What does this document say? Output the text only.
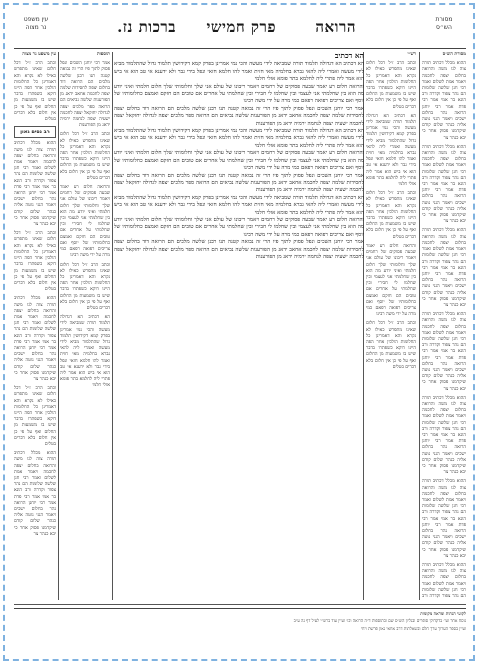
מסורת
הש״ס
הרואה
פרק חמישי
ברכות נז.
עין משפט
נר מצוה

מסורת הש״ס

ההוא מכלל דכתיב תורה צוה לנו משה והרואה בחלום יצפה לחכמה ויאמר אמת לשלום ואמר רבי חנן שלשה שלומות הם נהר צפור וקדרה ורב הונא בר אמי אמר רבי פדת אמר רבי יוחנן הרואה נהר בחלום ישכים ויאמר הנני נוטה אליה כנהר שלום קודם שיקדמנו פסוק אחר כי יבא כנהר צר

ההוא מכלל דכתיב תורה צוה לנו משה והרואה בחלום יצפה לחכמה ויאמר אמת לשלום ואמר רבי חנן שלשה שלומות הם נהר צפור וקדרה ורב הונא בר אמי אמר רבי פדת אמר רבי יוחנן הרואה נהר בחלום ישכים ויאמר הנני נוטה אליה כנהר שלום קודם שיקדמנו פסוק אחר כי יבא כנהר צר

ההוא מכלל דכתיב תורה צוה לנו משה והרואה בחלום יצפה לחכמה ויאמר אמת לשלום ואמר רבי חנן שלשה שלומות הם נהר צפור וקדרה ורב הונא בר אמי אמר רבי פדת אמר רבי יוחנן הרואה נהר בחלום ישכים ויאמר הנני נוטה אליה כנהר שלום קודם שיקדמנו פסוק אחר כי יבא כנהר צר

ההוא מכלל דכתיב תורה צוה לנו משה והרואה בחלום יצפה לחכמה ויאמר אמת לשלום ואמר רבי חנן שלשה שלומות הם נהר צפור וקדרה ורב הונא בר אמי אמר רבי פדת אמר רבי יוחנן הרואה נהר בחלום ישכים ויאמר הנני נוטה אליה כנהר שלום קודם שיקדמנו פסוק אחר כי יבא כנהר צר

ההוא מכלל דכתיב תורה צוה לנו משה והרואה בחלום יצפה לחכמה ויאמר אמת לשלום ואמר רבי חנן שלשה שלומות הם נהר צפור וקדרה ורב הונא בר אמי אמר רבי פדת אמר רבי יוחנן הרואה נהר בחלום ישכים ויאמר הנני נוטה אליה כנהר שלום קודם שיקדמנו פסוק אחר כי יבא כנהר צר

ההוא מכלל דכתיב תורה צוה לנו משה והרואה בחלום יצפה לחכמה ויאמר אמת לשלום ואמר רבי חנן שלשה שלומות הם נהר צפור וקדרה ורב הונא בר אמי אמר רבי פדת אמר רבי יוחנן הרואה נהר בחלום ישכים ויאמר הנני נוטה אליה כנהר שלום קודם שיקדמנו פסוק אחר כי יבא כנהר צר

ההוא מכלל דכתיב תורה צוה לנו משה והרואה בחלום יצפה לחכמה ויאמר אמת לשלום ואמר רבי חנן שלשה שלומות הם נהר צפור וקדרה ורב

רש״י

וכתב הרב ז״ל דכל חלום שאינו מתפרש כאילו לא נקרא והא דאמרינן כל החלומות הולכין אחר הפה היינו דוקא כשפתרו בדבר שיש בו משמעות מן החלום ואף על פי כן אין חלום בלא דברים בטלים

הא דכתיב הא דגדולה תלמוד תורה שמביאה לידי מעשה והכי נמי אמרינן בפרק קמא דקידושין תלמוד גדול שהתלמוד מביא לידי מעשה ואמרי ליה להאי גברא בחלמיה מאי חזית ואמר להו חלמא חזאי ונפל בידי גבר ולא ידענא אי טב הוא אי ביש הוא אמר ליה פתרי ליה לחלמא בתר פומא אזלי חלמי

וכתב הרב ז״ל דכל חלום שאינו מתפרש כאילו לא נקרא והא דאמרינן כל החלומות הולכין אחר הפה היינו דוקא כשפתרו בדבר שיש בו משמעות מן החלום ואף על פי כן אין חלום בלא דברים בטלים

והרואה חלום רע יאמר שבעה פסוקים של רחמים ויאמר ריבונו של עולם אני שלך וחלומותי שלך חלום חלמתי ואיני יודע מה הוא בין שחלמתי אני לעצמי ובין שחלמו לי חבירי ובין שחלמתי על אחרים אם טובים הם חזקם ואמצם כחלומותיו של יוסף ואם צריכים רפואה רפאם כמי מרה על ידי משה רבינו

וכתב הרב ז״ל דכל חלום שאינו מתפרש כאילו לא נקרא והא דאמרינן כל החלומות הולכין אחר הפה היינו דוקא כשפתרו בדבר שיש בו משמעות מן החלום ואף על פי כן אין חלום בלא דברים בטלים

הא דכתיב

הא דכתיב הא דגדולה תלמוד תורה שמביאה לידי מעשה והכי נמי אמרינן בפרק קמא דקידושין תלמוד גדול שהתלמוד מביא לידי מעשה ואמרי ליה להאי גברא בחלמיה מאי חזית ואמר להו חלמא חזאי ונפל בידי גבר ולא ידענא אי טב הוא אי ביש הוא אמר ליה פתרי ליה לחלמא בתר פומא אזלי חלמי

והרואה חלום רע יאמר שבעה פסוקים של רחמים ויאמר ריבונו של עולם אני שלך וחלומותי שלך חלום חלמתי ואיני יודע מה הוא בין שחלמתי אני לעצמי ובין שחלמו לי חבירי ובין שחלמתי על אחרים אם טובים הם חזקם ואמצם כחלומותיו של יוסף ואם צריכים רפואה רפאם כמי מרה על ידי משה רבינו

אמר רבי יוחנן השכים ונפל פסוק לתוך פיו הרי זה נבואה קטנה תנו רבנן שלשה מלכים הם הרואה דוד בחלום יצפה לחסידות שלמה יצפה לחכמה אחאב ידאג מן הפורענות שלשה נביאים הם הרואה ספר מלכים יצפה לגדולה יחזקאל יצפה לחכמה ישעיה יצפה לנחמה ירמיה ידאג מן הפורענות

הא דכתיב הא דגדולה תלמוד תורה שמביאה לידי מעשה והכי נמי אמרינן בפרק קמא דקידושין תלמוד גדול שהתלמוד מביא לידי מעשה ואמרי ליה להאי גברא בחלמיה מאי חזית ואמר להו חלמא חזאי ונפל בידי גבר ולא ידענא אי טב הוא אי ביש הוא אמר ליה פתרי ליה לחלמא בתר פומא אזלי חלמי

והרואה חלום רע יאמר שבעה פסוקים של רחמים ויאמר ריבונו של עולם אני שלך וחלומותי שלך חלום חלמתי ואיני יודע מה הוא בין שחלמתי אני לעצמי ובין שחלמו לי חבירי ובין שחלמתי על אחרים אם טובים הם חזקם ואמצם כחלומותיו של יוסף ואם צריכים רפואה רפאם כמי מרה על ידי משה רבינו

אמר רבי יוחנן השכים ונפל פסוק לתוך פיו הרי זה נבואה קטנה תנו רבנן שלשה מלכים הם הרואה דוד בחלום יצפה לחסידות שלמה יצפה לחכמה אחאב ידאג מן הפורענות שלשה נביאים הם הרואה ספר מלכים יצפה לגדולה יחזקאל יצפה לחכמה ישעיה יצפה לנחמה ירמיה ידאג מן הפורענות

הא דכתיב הא דגדולה תלמוד תורה שמביאה לידי מעשה והכי נמי אמרינן בפרק קמא דקידושין תלמוד גדול שהתלמוד מביא לידי מעשה ואמרי ליה להאי גברא בחלמיה מאי חזית ואמר להו חלמא חזאי ונפל בידי גבר ולא ידענא אי טב הוא אי ביש הוא אמר ליה פתרי ליה לחלמא בתר פומא אזלי חלמי

והרואה חלום רע יאמר שבעה פסוקים של רחמים ויאמר ריבונו של עולם אני שלך וחלומותי שלך חלום חלמתי ואיני יודע מה הוא בין שחלמתי אני לעצמי ובין שחלמו לי חבירי ובין שחלמתי על אחרים אם טובים הם חזקם ואמצם כחלומותיו של יוסף ואם צריכים רפואה רפאם כמי מרה על ידי משה רבינו

אמר רבי יוחנן השכים ונפל פסוק לתוך פיו הרי זה נבואה קטנה תנו רבנן שלשה מלכים הם הרואה דוד בחלום יצפה לחסידות שלמה יצפה לחכמה אחאב ידאג מן הפורענות שלשה נביאים הם הרואה ספר מלכים יצפה לגדולה יחזקאל יצפה לחכמה ישעיה יצפה לנחמה ירמיה ידאג מן הפורענות

תוספות

אמר רבי יוחנן השכים ונפל פסוק לתוך פיו הרי זה נבואה קטנה תנו רבנן שלשה מלכים הם הרואה דוד בחלום יצפה לחסידות שלמה יצפה לחכמה אחאב ידאג מן הפורענות שלשה נביאים הם הרואה ספר מלכים יצפה לגדולה יחזקאל יצפה לחכמה ישעיה יצפה לנחמה ירמיה ידאג מן הפורענות

וכתב הרב ז״ל דכל חלום שאינו מתפרש כאילו לא נקרא והא דאמרינן כל החלומות הולכין אחר הפה היינו דוקא כשפתרו בדבר שיש בו משמעות מן החלום ואף על פי כן אין חלום בלא דברים בטלים

והרואה חלום רע יאמר שבעה פסוקים של רחמים ויאמר ריבונו של עולם אני שלך וחלומותי שלך חלום חלמתי ואיני יודע מה הוא בין שחלמתי אני לעצמי ובין שחלמו לי חבירי ובין שחלמתי על אחרים אם טובים הם חזקם ואמצם כחלומותיו של יוסף ואם צריכים רפואה רפאם כמי מרה על ידי משה רבינו

וכתב הרב ז״ל דכל חלום שאינו מתפרש כאילו לא נקרא והא דאמרינן כל החלומות הולכין אחר הפה היינו דוקא כשפתרו בדבר שיש בו משמעות מן החלום ואף על פי כן אין חלום בלא דברים בטלים

הא דכתיב הא דגדולה תלמוד תורה שמביאה לידי מעשה והכי נמי אמרינן בפרק קמא דקידושין תלמוד גדול שהתלמוד מביא לידי מעשה ואמרי ליה להאי גברא בחלמיה מאי חזית ואמר להו חלמא חזאי ונפל בידי גבר ולא ידענא אי טב הוא אי ביש הוא אמר ליה פתרי ליה לחלמא בתר פומא אזלי חלמי

עין משפט נר מצוה

וכתב הרב ז״ל דכל חלום שאינו מתפרש כאילו לא נקרא והא דאמרינן כל החלומות הולכין אחר הפה היינו דוקא כשפתרו בדבר שיש בו משמעות מן החלום ואף על פי כן אין חלום בלא דברים בטלים

רב נסים גאון

ההוא מכלל דכתיב תורה צוה לנו משה והרואה בחלום יצפה לחכמה ויאמר אמת לשלום ואמר רבי חנן שלשה שלומות הם נהר צפור וקדרה ורב הונא בר אמי אמר רבי פדת אמר רבי יוחנן הרואה נהר בחלום ישכים ויאמר הנני נוטה אליה כנהר שלום קודם שיקדמנו פסוק אחר כי יבא כנהר צר

וכתב הרב ז״ל דכל חלום שאינו מתפרש כאילו לא נקרא והא דאמרינן כל החלומות הולכין אחר הפה היינו דוקא כשפתרו בדבר שיש בו משמעות מן החלום ואף על פי כן אין חלום בלא דברים בטלים

ההוא מכלל דכתיב תורה צוה לנו משה והרואה בחלום יצפה לחכמה ויאמר אמת לשלום ואמר רבי חנן שלשה שלומות הם נהר צפור וקדרה ורב הונא בר אמי אמר רבי פדת אמר רבי יוחנן הרואה נהר בחלום ישכים ויאמר הנני נוטה אליה כנהר שלום קודם שיקדמנו פסוק אחר כי יבא כנהר צר

וכתב הרב ז״ל דכל חלום שאינו מתפרש כאילו לא נקרא והא דאמרינן כל החלומות הולכין אחר הפה היינו דוקא כשפתרו בדבר שיש בו משמעות מן החלום ואף על פי כן אין חלום בלא דברים בטלים

ההוא מכלל דכתיב תורה צוה לנו משה והרואה בחלום יצפה לחכמה ויאמר אמת לשלום ואמר רבי חנן שלשה שלומות הם נהר צפור וקדרה ורב הונא בר אמי אמר רבי פדת אמר רבי יוחנן הרואה נהר בחלום ישכים ויאמר הנני נוטה אליה כנהר שלום קודם שיקדמנו פסוק אחר כי יבא כנהר צר

לקוטי הגהות ומראה מקומות

נוסח אחר ועי׳ בדקדוקי סופרים ובגליון הש״ס שם ובתוספות ד״ה הרואה וכו׳ ועיין עוד ברש״י לעיל דף נה ע״ב

ועיין בספר הערוך ערך חלם ובשאלתות דרב אחאי גאון פרשת ויחי
